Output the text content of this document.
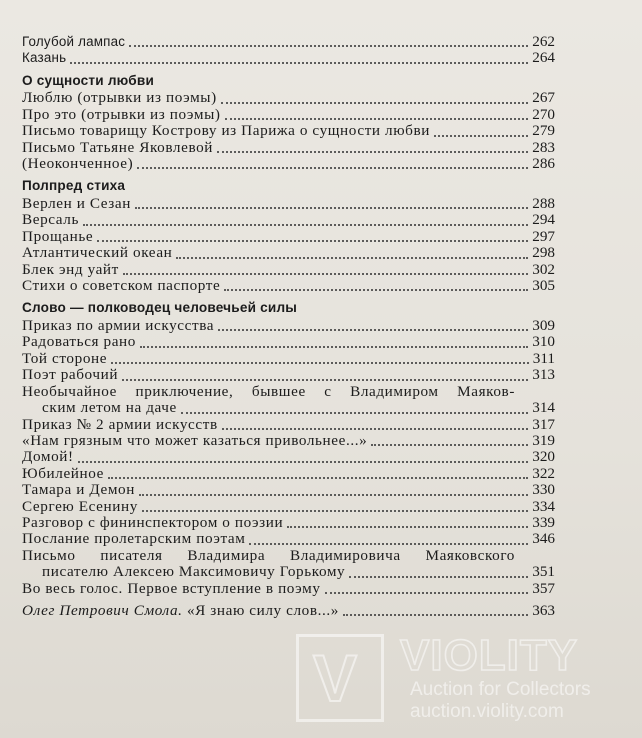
Голубой лампас	262
Казань	264
О сущности любви
Люблю (отрывки из поэмы)	267
Про это (отрывки из поэмы)	270
Письмо товарищу Кострову из Парижа о сущности любви	279
Письмо Татьяне Яковлевой	283
(Неоконченное)	286
Полпред стиха
Верлен и Сезан	288
Версаль	294
Прощанье	297
Атлантический океан	298
Блек энд уайт	302
Стихи о советском паспорте	305
Слово — полководец человечьей силы
Приказ по армии искусства	309
Радоваться рано	310
Той стороне	311
Поэт рабочий	313
Необычайное приключение, бывшее с Владимиром Маяков-
ским летом на даче	314
Приказ № 2 армии искусств	317
«Нам грязным что может казаться привольнее...»	319
Домой!	320
Юбилейное	322
Тамара и Демон	330
Сергею Есенину	334
Разговор с фининспектором о поэзии	339
Послание пролетарским поэтам	346
Письмо писателя Владимира Владимировича Маяковского
писателю Алексею Максимовичу Горькому	351
Во весь голос. Первое вступление в поэму	357
Олег Петрович Смола. «Я знаю силу слов...»	363
V VIOLITY
Auction for Collectors
auction.violity.com
